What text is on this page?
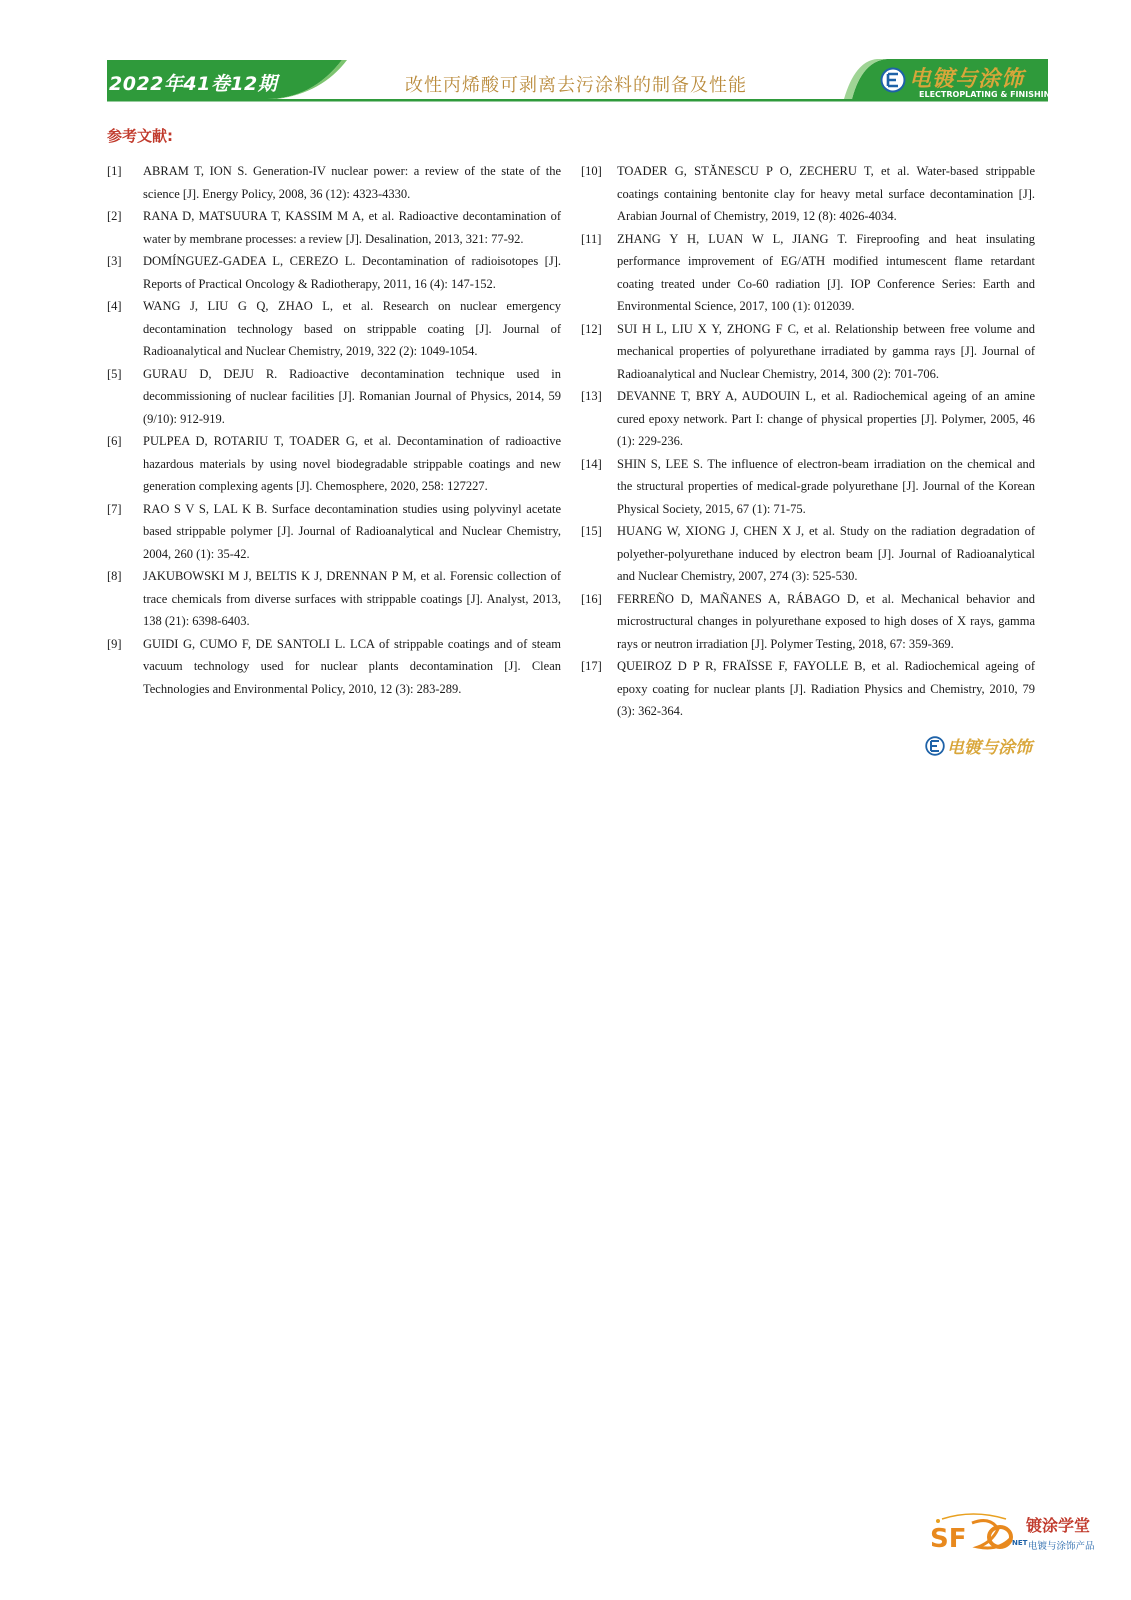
2022年41卷12期	改性丙烯酸可剥离去污涂料的制备及性能	电镀与涂饰
ELECTROPLATING & FINISHING
参考文献:
[1] ABRAM T, ION S. Generation-IV nuclear power: a review of the state of the science [J]. Energy Policy, 2008, 36 (12): 4323-4330.
[2] RANA D, MATSUURA T, KASSIM M A, et al. Radioactive decontamination of water by membrane processes: a review [J]. Desalination, 2013, 321: 77-92.
[3] DOMÍNGUEZ-GADEA L, CEREZO L. Decontamination of radioisotopes [J]. Reports of Practical Oncology & Radiotherapy, 2011, 16 (4): 147-152.
[4] WANG J, LIU G Q, ZHAO L, et al. Research on nuclear emergency decontamination technology based on strippable coating [J]. Journal of Radioanalytical and Nuclear Chemistry, 2019, 322 (2): 1049-1054.
[5] GURAU D, DEJU R. Radioactive decontamination technique used in decommissioning of nuclear facilities [J]. Romanian Journal of Physics, 2014, 59 (9/10): 912-919.
[6] PULPEA D, ROTARIU T, TOADER G, et al. Decontamination of radioactive hazardous materials by using novel biodegradable strippable coatings and new generation complexing agents [J]. Chemosphere, 2020, 258: 127227.
[7] RAO S V S, LAL K B. Surface decontamination studies using polyvinyl acetate based strippable polymer [J]. Journal of Radioanalytical and Nuclear Chemistry, 2004, 260 (1): 35-42.
[8] JAKUBOWSKI M J, BELTIS K J, DRENNAN P M, et al. Forensic collection of trace chemicals from diverse surfaces with strippable coatings [J]. Analyst, 2013, 138 (21): 6398-6403.
[9] GUIDI G, CUMO F, DE SANTOLI L. LCA of strippable coatings and of steam vacuum technology used for nuclear plants decontamination [J]. Clean Technologies and Environmental Policy, 2010, 12 (3): 283-289.
[10] TOADER G, STĂNESCU P O, ZECHERU T, et al. Water-based strippable coatings containing bentonite clay for heavy metal surface decontamination [J]. Arabian Journal of Chemistry, 2019, 12 (8): 4026-4034.
[11] ZHANG Y H, LUAN W L, JIANG T. Fireproofing and heat insulating performance improvement of EG/ATH modified intumescent flame retardant coating treated under Co-60 radiation [J]. IOP Conference Series: Earth and Environmental Science, 2017, 100 (1): 012039.
[12] SUI H L, LIU X Y, ZHONG F C, et al. Relationship between free volume and mechanical properties of polyurethane irradiated by gamma rays [J]. Journal of Radioanalytical and Nuclear Chemistry, 2014, 300 (2): 701-706.
[13] DEVANNE T, BRY A, AUDOUIN L, et al. Radiochemical ageing of an amine cured epoxy network. Part I: change of physical properties [J]. Polymer, 2005, 46 (1): 229-236.
[14] SHIN S, LEE S. The influence of electron-beam irradiation on the chemical and the structural properties of medical-grade polyurethane [J]. Journal of the Korean Physical Society, 2015, 67 (1): 71-75.
[15] HUANG W, XIONG J, CHEN X J, et al. Study on the radiation degradation of polyether-polyurethane induced by electron beam [J]. Journal of Radioanalytical and Nuclear Chemistry, 2007, 274 (3): 525-530.
[16] FERREÑO D, MAÑANES A, RÁBAGO D, et al. Mechanical behavior and microstructural changes in polyurethane exposed to high doses of X rays, gamma rays or neutron irradiation [J]. Polymer Testing, 2018, 67: 359-369.
[17] QUEIROZ D P R, FRAÏSSE F, FAYOLLE B, et al. Radiochemical ageing of epoxy coating for nuclear plants [J]. Radiation Physics and Chemistry, 2010, 79 (3): 362-364.
电镀与涂饰
SF	NET
镀涂学堂
电镀与涂饰产品
